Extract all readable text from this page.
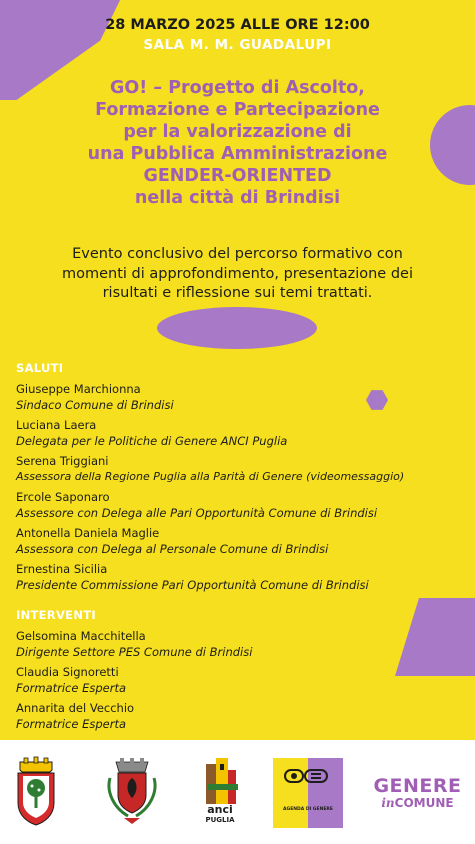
28 MARZO 2025 ALLE ORE 12:00
SALA M. M. GUADALUPI
GO! – Progetto di Ascolto,
Formazione e Partecipazione
per la valorizzazione di
una Pubblica Amministrazione
GENDER-ORIENTED
nella città di Brindisi
Evento conclusivo del percorso formativo con
momenti di approfondimento, presentazione dei
risultati e riflessione sui temi trattati.
SALUTI
Giuseppe Marchionna
Sindaco Comune di Brindisi
Luciana Laera
Delegata per le Politiche di Genere ANCI Puglia
Serena Triggiani
Assessora della Regione Puglia alla Parità di Genere (videomessaggio)
Ercole Saponaro
Assessore con Delega alle Pari Opportunità Comune di Brindisi
Antonella Daniela Maglie
Assessora con Delega al Personale Comune di Brindisi
Ernestina Sicilia
Presidente Commissione Pari Opportunità Comune di Brindisi
INTERVENTI
Gelsomina Macchitella
Dirigente Settore PES Comune di Brindisi
Claudia Signoretti
Formatrice Esperta
Annarita del Vecchio
Formatrice Esperta
anci
PUGLIA
AGENDA DI GENERE
GENERE
inCOMUNE
